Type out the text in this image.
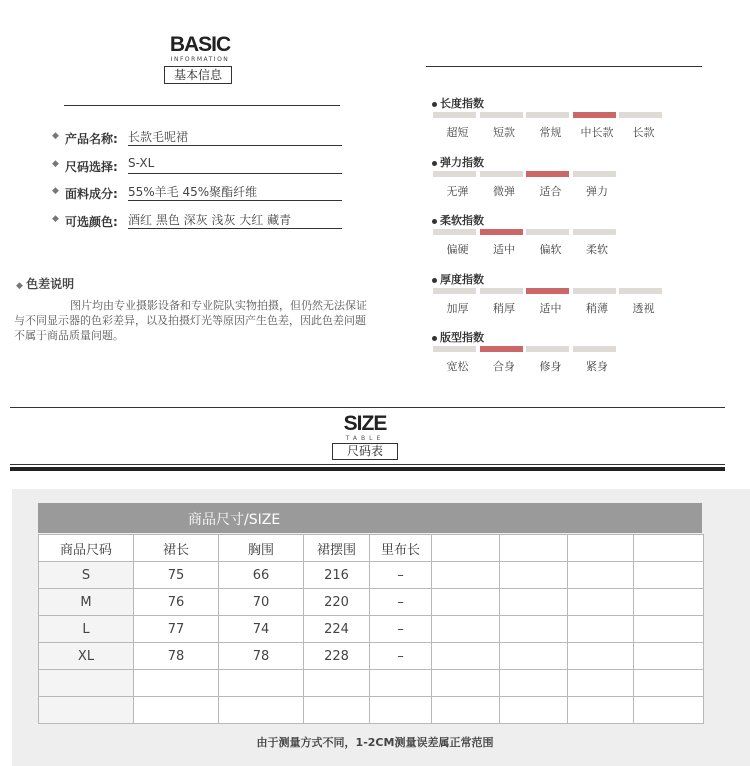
BASIC
INFORMATION
基本信息
◆ 产品名称: 长款毛呢裙
◆ 尺码选择: S-XL
◆ 面料成分: 55%羊毛 45%聚酯纤维
◆ 可选颜色: 酒红 黑色 深灰 浅灰 大红 藏青
◆ 色差说明
图片均由专业摄影设备和专业院队实物拍摄，但仍然无法保证
与不同显示器的色彩差异，以及拍摄灯光等原因产生色差，因此色差问题
不属于商品质量问题。
长度指数
弹力指数
柔软指数
厚度指数
版型指数
超短	短款	常规	中长款	长款
无弹	微弹	适合	弹力
偏硬	适中	偏软	柔软
加厚	稍厚	适中	稍薄	透视
宽松	合身	修身	紧身
SIZE
TABLE
尺码表
商品尺寸/SIZE
商品尺码	裙长	胸围	裙摆围	里布长				
S	75	66	216	–				
M	76	70	220	–				
L	77	74	224	–				
XL	78	78	228	–				

由于测量方式不同，1-2CM测量误差属正常范围
